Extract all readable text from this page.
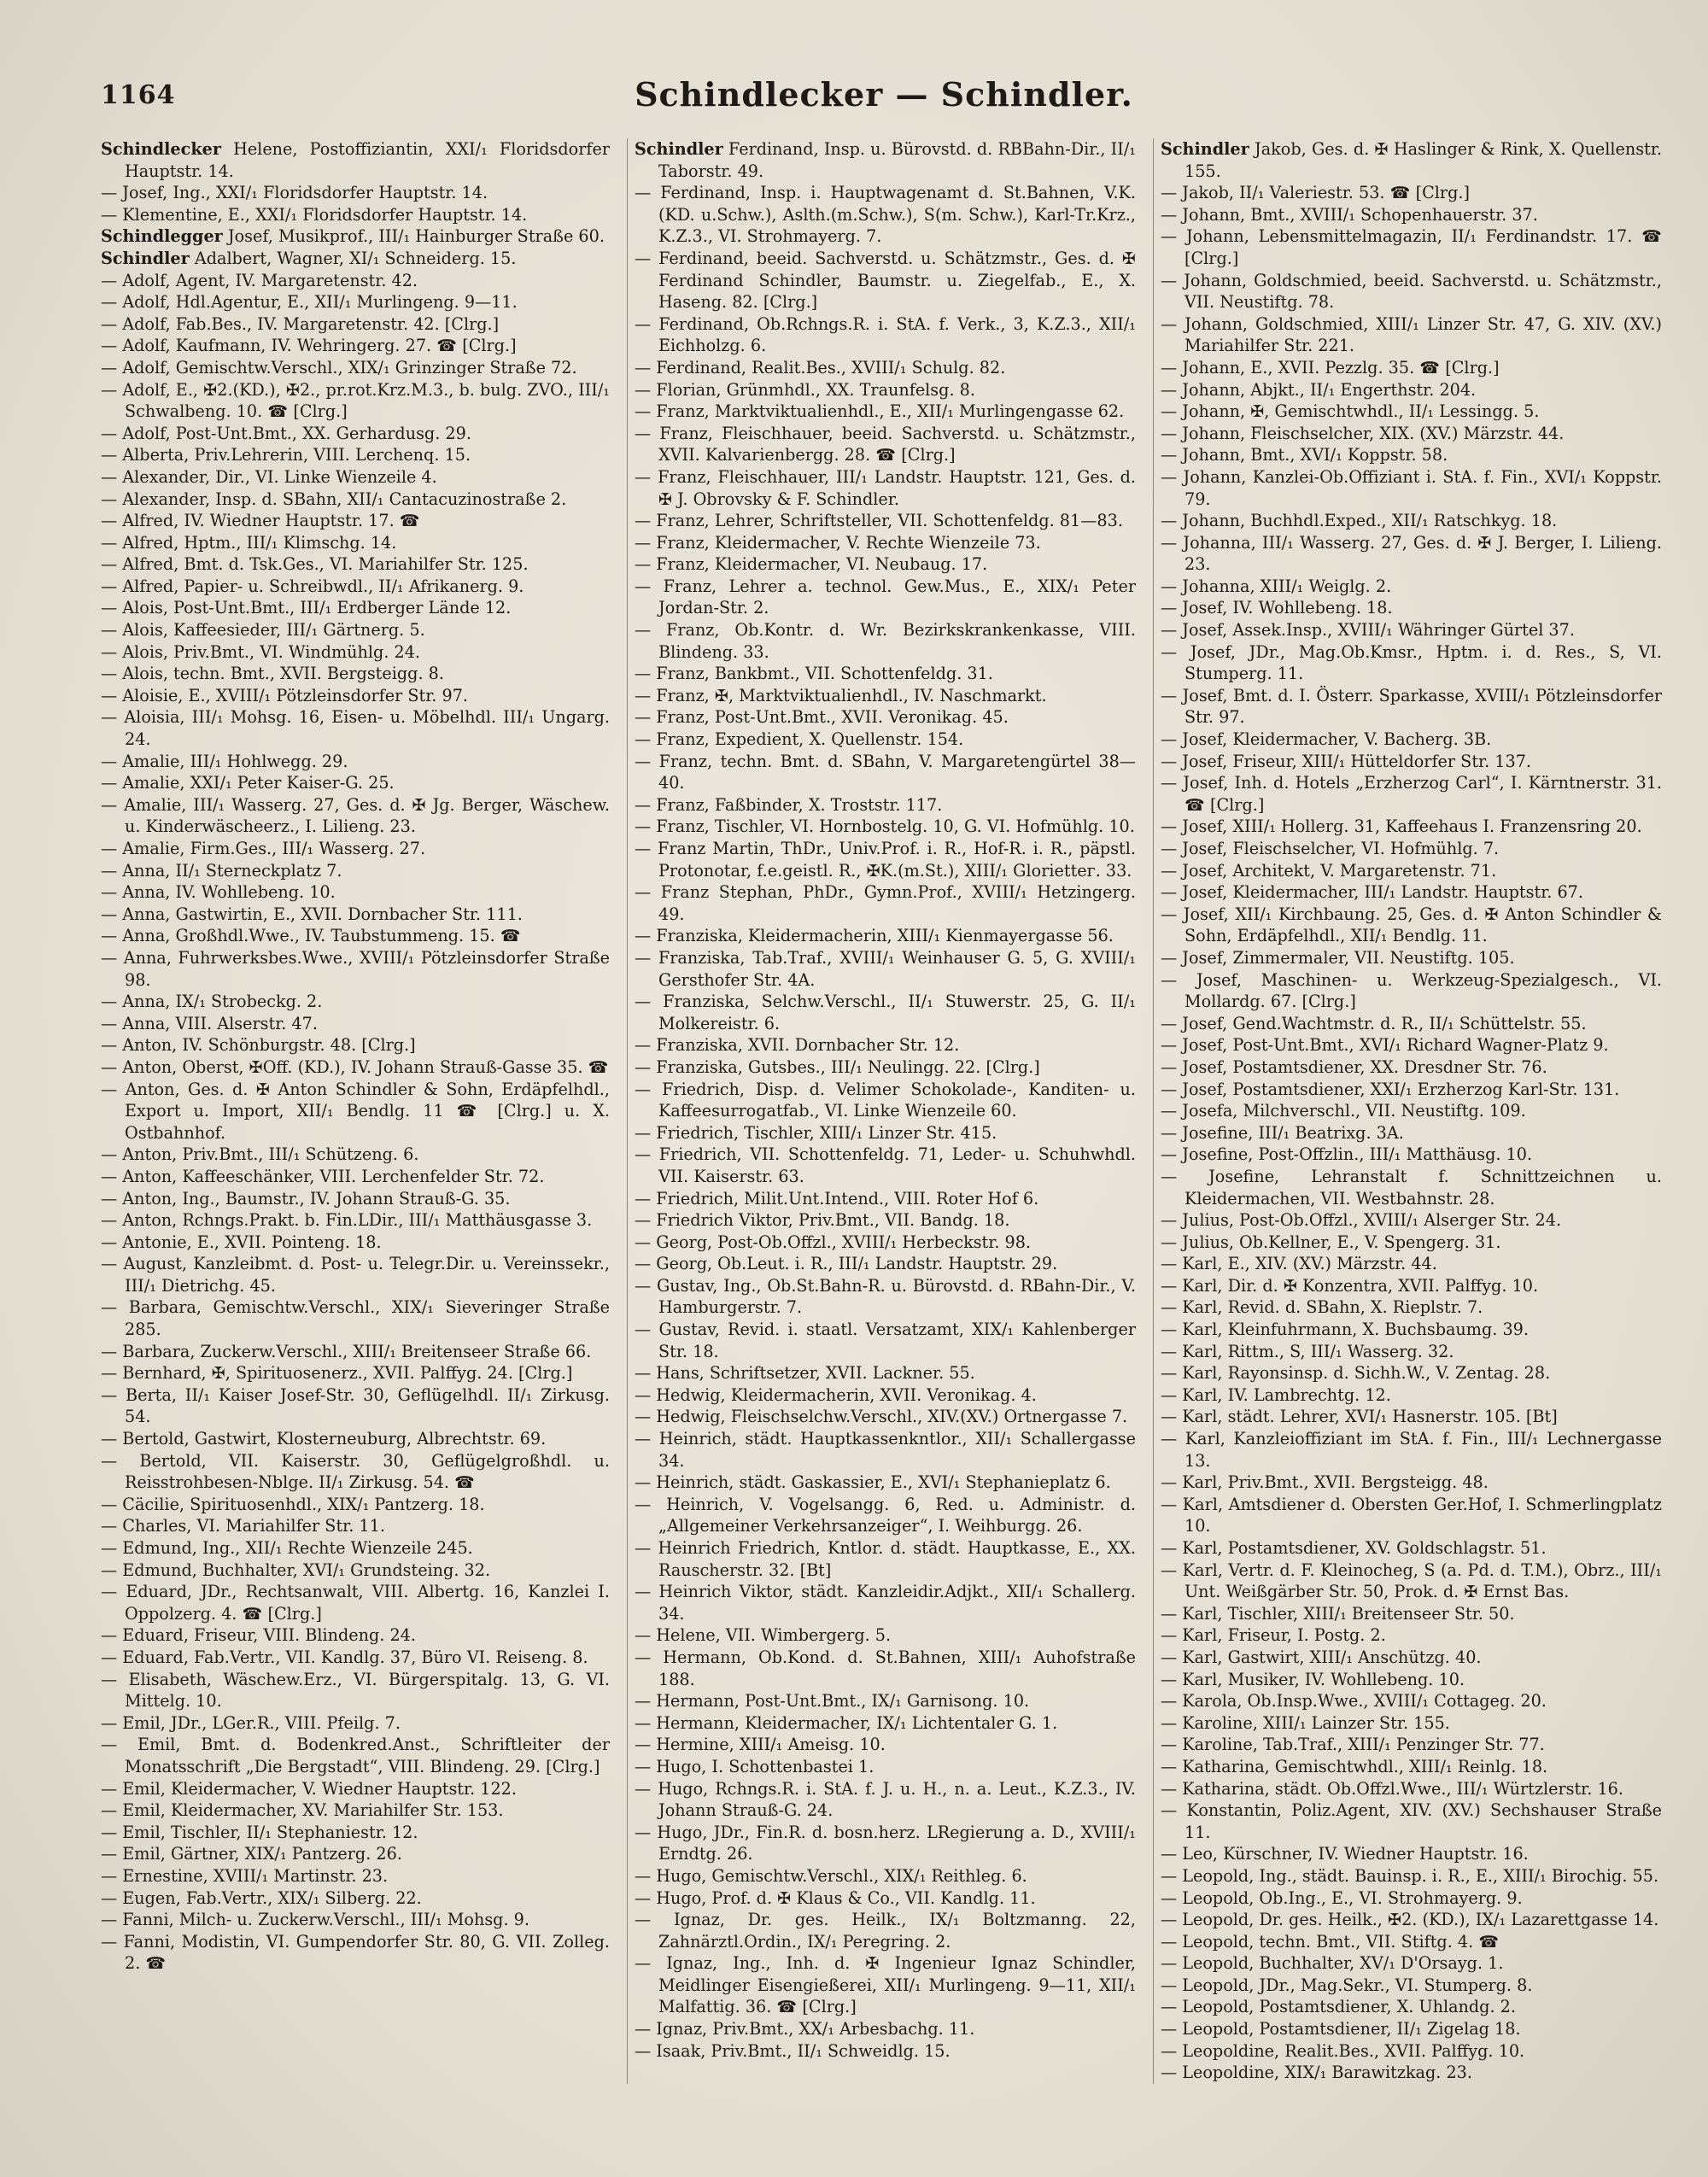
1164	Schindlecker — Schindler.

Schindlecker Helene, Postoffiziantin, XXI/₁ Floridsdorfer Hauptstr. 14.

— Josef, Ing., XXI/₁ Floridsdorfer Hauptstr. 14.

— Klementine, E., XXI/₁ Floridsdorfer Hauptstr. 14.

Schindlegger Josef, Musikprof., III/₁ Hainburger Straße 60.

Schindler Adalbert, Wagner, XI/₁ Schneiderg. 15.

— Adolf, Agent, IV. Margaretenstr. 42.

— Adolf, Hdl.Agentur, E., XII/₁ Murlingeng. 9—11.

— Adolf, Fab.Bes., IV. Margaretenstr. 42. [Clrg.]

— Adolf, Kaufmann, IV. Wehringerg. 27. ☎ [Clrg.]

— Adolf, Gemischtw.Verschl., XIX/₁ Grinzinger Straße 72.

— Adolf, E., ✠2.(KD.), ✠2., pr.rot.Krz.M.3., b. bulg. ZVO., III/₁ Schwalbeng. 10. ☎ [Clrg.]

— Adolf, Post-Unt.Bmt., XX. Gerhardusg. 29.

— Alberta, Priv.Lehrerin, VIII. Lerchenq. 15.

— Alexander, Dir., VI. Linke Wienzeile 4.

— Alexander, Insp. d. SBahn, XII/₁ Cantacuzinostraße 2.

— Alfred, IV. Wiedner Hauptstr. 17. ☎

— Alfred, Hptm., III/₁ Klimschg. 14.

— Alfred, Bmt. d. Tsk.Ges., VI. Mariahilfer Str. 125.

— Alfred, Papier- u. Schreibwdl., II/₁ Afrikanerg. 9.

— Alois, Post-Unt.Bmt., III/₁ Erdberger Lände 12.

— Alois, Kaffeesieder, III/₁ Gärtnerg. 5.

— Alois, Priv.Bmt., VI. Windmühlg. 24.

— Alois, techn. Bmt., XVII. Bergsteigg. 8.

— Aloisie, E., XVIII/₁ Pötzleinsdorfer Str. 97.

— Aloisia, III/₁ Mohsg. 16, Eisen- u. Möbelhdl. III/₁ Ungarg. 24.

— Amalie, III/₁ Hohlwegg. 29.

— Amalie, XXI/₁ Peter Kaiser-G. 25.

— Amalie, III/₁ Wasserg. 27, Ges. d. ✠ Jg. Berger, Wäschew. u. Kinderwäscheerz., I. Lilieng. 23.

— Amalie, Firm.Ges., III/₁ Wasserg. 27.

— Anna, II/₁ Sterneckplatz 7.

— Anna, IV. Wohllebeng. 10.

— Anna, Gastwirtin, E., XVII. Dornbacher Str. 111.

— Anna, Großhdl.Wwe., IV. Taubstummeng. 15. ☎

— Anna, Fuhrwerksbes.Wwe., XVIII/₁ Pötzleinsdorfer Straße 98.

— Anna, IX/₁ Strobeckg. 2.

— Anna, VIII. Alserstr. 47.

— Anton, IV. Schönburgstr. 48. [Clrg.]

— Anton, Oberst, ✠Off. (KD.), IV. Johann Strauß-Gasse 35. ☎

— Anton, Ges. d. ✠ Anton Schindler & Sohn, Erdäpfelhdl., Export u. Import, XII/₁ Bendlg. 11 ☎ [Clrg.] u. X. Ostbahnhof.

— Anton, Priv.Bmt., III/₁ Schützeng. 6.

— Anton, Kaffeeschänker, VIII. Lerchenfelder Str. 72.

— Anton, Ing., Baumstr., IV. Johann Strauß-G. 35.

— Anton, Rchngs.Prakt. b. Fin.LDir., III/₁ Matthäusgasse 3.

— Antonie, E., XVII. Pointeng. 18.

— August, Kanzleibmt. d. Post- u. Telegr.Dir. u. Vereinssekr., III/₁ Dietrichg. 45.

— Barbara, Gemischtw.Verschl., XIX/₁ Sieveringer Straße 285.

— Barbara, Zuckerw.Verschl., XIII/₁ Breitenseer Straße 66.

— Bernhard, ✠, Spirituosenerz., XVII. Palffyg. 24. [Clrg.]

— Berta, II/₁ Kaiser Josef-Str. 30, Geflügelhdl. II/₁ Zirkusg. 54.

— Bertold, Gastwirt, Klosterneuburg, Albrechtstr. 69.

— Bertold, VII. Kaiserstr. 30, Geflügelgroßhdl. u. Reisstrohbesen-Nblge. II/₁ Zirkusg. 54. ☎

— Cäcilie, Spirituosenhdl., XIX/₁ Pantzerg. 18.

— Charles, VI. Mariahilfer Str. 11.

— Edmund, Ing., XII/₁ Rechte Wienzeile 245.

— Edmund, Buchhalter, XVI/₁ Grundsteing. 32.

— Eduard, JDr., Rechtsanwalt, VIII. Albertg. 16, Kanzlei I. Oppolzerg. 4. ☎ [Clrg.]

— Eduard, Friseur, VIII. Blindeng. 24.

— Eduard, Fab.Vertr., VII. Kandlg. 37, Büro VI. Reiseng. 8.

— Elisabeth, Wäschew.Erz., VI. Bürgerspitalg. 13, G. VI. Mittelg. 10.

— Emil, JDr., LGer.R., VIII. Pfeilg. 7.

— Emil, Bmt. d. Bodenkred.Anst., Schriftleiter der Monatsschrift „Die Bergstadt“, VIII. Blindeng. 29. [Clrg.]

— Emil, Kleidermacher, V. Wiedner Hauptstr. 122.

— Emil, Kleidermacher, XV. Mariahilfer Str. 153.

— Emil, Tischler, II/₁ Stephaniestr. 12.

— Emil, Gärtner, XIX/₁ Pantzerg. 26.

— Ernestine, XVIII/₁ Martinstr. 23.

— Eugen, Fab.Vertr., XIX/₁ Silberg. 22.

— Fanni, Milch- u. Zuckerw.Verschl., III/₁ Mohsg. 9.

— Fanni, Modistin, VI. Gumpendorfer Str. 80, G. VII. Zolleg. 2. ☎

Schindler Ferdinand, Insp. u. Bürovstd. d. RBBahn-Dir., II/₁ Taborstr. 49.

— Ferdinand, Insp. i. Hauptwagenamt d. St.Bahnen, V.K.(KD. u.Schw.), Aslth.(m.Schw.), S(m. Schw.), Karl-Tr.Krz., K.Z.3., VI. Strohmayerg. 7.

— Ferdinand, beeid. Sachverstd. u. Schätzmstr., Ges. d. ✠ Ferdinand Schindler, Baumstr. u. Ziegelfab., E., X. Haseng. 82. [Clrg.]

— Ferdinand, Ob.Rchngs.R. i. StA. f. Verk., 3, K.Z.3., XII/₁ Eichholzg. 6.

— Ferdinand, Realit.Bes., XVIII/₁ Schulg. 82.

— Florian, Grünmhdl., XX. Traunfelsg. 8.

— Franz, Marktviktualienhdl., E., XII/₁ Murlingengasse 62.

— Franz, Fleischhauer, beeid. Sachverstd. u. Schätzmstr., XVII. Kalvarienbergg. 28. ☎ [Clrg.]

— Franz, Fleischhauer, III/₁ Landstr. Hauptstr. 121, Ges. d. ✠ J. Obrovsky & F. Schindler.

— Franz, Lehrer, Schriftsteller, VII. Schottenfeldg. 81—83.

— Franz, Kleidermacher, V. Rechte Wienzeile 73.

— Franz, Kleidermacher, VI. Neubaug. 17.

— Franz, Lehrer a. technol. Gew.Mus., E., XIX/₁ Peter Jordan-Str. 2.

— Franz, Ob.Kontr. d. Wr. Bezirkskrankenkasse, VIII. Blindeng. 33.

— Franz, Bankbmt., VII. Schottenfeldg. 31.

— Franz, ✠, Marktviktualienhdl., IV. Naschmarkt.

— Franz, Post-Unt.Bmt., XVII. Veronikag. 45.

— Franz, Expedient, X. Quellenstr. 154.

— Franz, techn. Bmt. d. SBahn, V. Margaretengürtel 38—40.

— Franz, Faßbinder, X. Troststr. 117.

— Franz, Tischler, VI. Hornbostelg. 10, G. VI. Hofmühlg. 10.

— Franz Martin, ThDr., Univ.Prof. i. R., Hof-R. i. R., päpstl. Protonotar, f.e.geistl. R., ✠K.(m.St.), XIII/₁ Gloriettег. 33.

— Franz Stephan, PhDr., Gymn.Prof., XVIII/₁ Hetzingerg. 49.

— Franziska, Kleidermacherin, XIII/₁ Kienmayergasse 56.

— Franziska, Tab.Traf., XVIII/₁ Weinhauser G. 5, G. XVIII/₁ Gersthofer Str. 4A.

— Franziska, Selchw.Verschl., II/₁ Stuwerstr. 25, G. II/₁ Molkereistr. 6.

— Franziska, XVII. Dornbacher Str. 12.

— Franziska, Gutsbes., III/₁ Neulingg. 22. [Clrg.]

— Friedrich, Disp. d. Velimer Schokolade-, Kanditen- u. Kaffeesurrogatfab., VI. Linke Wienzeile 60.

— Friedrich, Tischler, XIII/₁ Linzer Str. 415.

— Friedrich, VII. Schottenfeldg. 71, Leder- u. Schuhwhdl. VII. Kaiserstr. 63.

— Friedrich, Milit.Unt.Intend., VIII. Roter Hof 6.

— Friedrich Viktor, Priv.Bmt., VII. Bandg. 18.

— Georg, Post-Ob.Offzl., XVIII/₁ Herbeckstr. 98.

— Georg, Ob.Leut. i. R., III/₁ Landstr. Hauptstr. 29.

— Gustav, Ing., Ob.St.Bahn-R. u. Bürovstd. d. RBahn-Dir., V. Hamburgerstr. 7.

— Gustav, Revid. i. staatl. Versatzamt, XIX/₁ Kahlenberger Str. 18.

— Hans, Schriftsetzer, XVII. Lackner. 55.

— Hedwig, Kleidermacherin, XVII. Veronikag. 4.

— Hedwig, Fleischselchw.Verschl., XIV.(XV.) Ortnergasse 7.

— Heinrich, städt. Hauptkassenkntlor., XII/₁ Schallergasse 34.

— Heinrich, städt. Gaskassier, E., XVI/₁ Stephanieplatz 6.

— Heinrich, V. Vogelsangg. 6, Red. u. Administr. d. „Allgemeiner Verkehrsanzeiger“, I. Weihburgg. 26.

— Heinrich Friedrich, Kntlor. d. städt. Hauptkasse, E., XX. Rauscherstr. 32. [Bt]

— Heinrich Viktor, städt. Kanzleidir.Adjkt., XII/₁ Schallerg. 34.

— Helene, VII. Wimbergerg. 5.

— Hermann, Ob.Kond. d. St.Bahnen, XIII/₁ Auhofstraße 188.

— Hermann, Post-Unt.Bmt., IX/₁ Garnisong. 10.

— Hermann, Kleidermacher, IX/₁ Lichtentaler G. 1.

— Hermine, XIII/₁ Ameisg. 10.

— Hugo, I. Schottenbastei 1.

— Hugo, Rchngs.R. i. StA. f. J. u. H., n. a. Leut., K.Z.3., IV. Johann Strauß-G. 24.

— Hugo, JDr., Fin.R. d. bosn.herz. LRegierung a. D., XVIII/₁ Erndtg. 26.

— Hugo, Gemischtw.Verschl., XIX/₁ Reithleg. 6.

— Hugo, Prof. d. ✠ Klaus & Co., VII. Kandlg. 11.

— Ignaz, Dr. ges. Heilk., IX/₁ Boltzmanng. 22, Zahnärztl.Ordin., IX/₁ Peregring. 2.

— Ignaz, Ing., Inh. d. ✠ Ingenieur Ignaz Schindler, Meidlinger Eisengießerei, XII/₁ Murlingeng. 9—11, XII/₁ Malfattig. 36. ☎ [Clrg.]

— Ignaz, Priv.Bmt., XX/₁ Arbesbachg. 11.

— Isaak, Priv.Bmt., II/₁ Schweidlg. 15.

Schindler Jakob, Ges. d. ✠ Haslinger & Rink, X. Quellenstr. 155.

— Jakob, II/₁ Valeriestr. 53. ☎ [Clrg.]

— Johann, Bmt., XVIII/₁ Schopenhauerstr. 37.

— Johann, Lebensmittelmagazin, II/₁ Ferdinandstr. 17. ☎ [Clrg.]

— Johann, Goldschmied, beeid. Sachverstd. u. Schätzmstr., VII. Neustiftg. 78.

— Johann, Goldschmied, XIII/₁ Linzer Str. 47, G. XIV. (XV.) Mariahilfer Str. 221.

— Johann, E., XVII. Pezzlg. 35. ☎ [Clrg.]

— Johann, Abjkt., II/₁ Engerthstr. 204.

— Johann, ✠, Gemischtwhdl., II/₁ Lessingg. 5.

— Johann, Fleischselcher, XIX. (XV.) Märzstr. 44.

— Johann, Bmt., XVI/₁ Koppstr. 58.

— Johann, Kanzlei-Ob.Offiziant i. StA. f. Fin., XVI/₁ Koppstr. 79.

— Johann, Buchhdl.Exped., XII/₁ Ratschkyg. 18.

— Johanna, III/₁ Wasserg. 27, Ges. d. ✠ J. Berger, I. Lilieng. 23.

— Johanna, XIII/₁ Weiglg. 2.

— Josef, IV. Wohllebeng. 18.

— Josef, Assek.Insp., XVIII/₁ Währinger Gürtel 37.

— Josef, JDr., Mag.Ob.Kmsr., Hptm. i. d. Res., S, VI. Stumperg. 11.

— Josef, Bmt. d. I. Österr. Sparkasse, XVIII/₁ Pötzleinsdorfer Str. 97.

— Josef, Kleidermacher, V. Bacherg. 3B.

— Josef, Friseur, XIII/₁ Hütteldorfer Str. 137.

— Josef, Inh. d. Hotels „Erzherzog Carl“, I. Kärntnerstr. 31. ☎ [Clrg.]

— Josef, XIII/₁ Hollerg. 31, Kaffeehaus I. Franzensring 20.

— Josef, Fleischselcher, VI. Hofmühlg. 7.

— Josef, Architekt, V. Margaretenstr. 71.

— Josef, Kleidermacher, III/₁ Landstr. Hauptstr. 67.

— Josef, XII/₁ Kirchbaung. 25, Ges. d. ✠ Anton Schindler & Sohn, Erdäpfelhdl., XII/₁ Bendlg. 11.

— Josef, Zimmermaler, VII. Neustiftg. 105.

— Josef, Maschinen- u. Werkzeug-Spezialgesch., VI. Mollardg. 67. [Clrg.]

— Josef, Gend.Wachtmstr. d. R., II/₁ Schüttelstr. 55.

— Josef, Post-Unt.Bmt., XVI/₁ Richard Wagner-Platz 9.

— Josef, Postamtsdiener, XX. Dresdner Str. 76.

— Josef, Postamtsdiener, XXI/₁ Erzherzog Karl-Str. 131.

— Josefa, Milchverschl., VII. Neustiftg. 109.

— Josefine, III/₁ Beatrixg. 3A.

— Josefine, Post-Offzlin., III/₁ Matthäusg. 10.

— Josefine, Lehranstalt f. Schnittzeichnen u. Kleidermachen, VII. Westbahnstr. 28.

— Julius, Post-Ob.Offzl., XVIII/₁ Alseгger Str. 24.

— Julius, Ob.Kellner, E., V. Spengerg. 31.

— Karl, E., XIV. (XV.) Märzstr. 44.

— Karl, Dir. d. ✠ Konzentra, XVII. Palffyg. 10.

— Karl, Revid. d. SBahn, X. Rieplstr. 7.

— Karl, Kleinfuhrmann, X. Buchsbaumg. 39.

— Karl, Rittm., S, III/₁ Wasserg. 32.

— Karl, Rayonsinsp. d. Sichh.W., V. Zentag. 28.

— Karl, IV. Lambrechtg. 12.

— Karl, städt. Lehrer, XVI/₁ Hasnerstr. 105. [Bt]

— Karl, Kanzleioffiziant im StA. f. Fin., III/₁ Lechnergasse 13.

— Karl, Priv.Bmt., XVII. Bergsteigg. 48.

— Karl, Amtsdiener d. Obersten Ger.Hof, I. Schmerlingplatz 10.

— Karl, Postamtsdiener, XV. Goldschlagstr. 51.

— Karl, Vertr. d. F. Kleinocheg, S (a. Pd. d. T.M.), Obrz., III/₁ Unt. Weißgärber Str. 50, Prok. d. ✠ Ernst Bas.

— Karl, Tischler, XIII/₁ Breitenseer Str. 50.

— Karl, Friseur, I. Postg. 2.

— Karl, Gastwirt, XIII/₁ Anschützg. 40.

— Karl, Musiker, IV. Wohllebeng. 10.

— Karola, Ob.Insp.Wwe., XVIII/₁ Cottageg. 20.

— Karoline, XIII/₁ Lainzer Str. 155.

— Karoline, Tab.Traf., XIII/₁ Penzinger Str. 77.

— Katharina, Gemischtwhdl., XIII/₁ Reinlg. 18.

— Katharina, städt. Ob.Offzl.Wwe., III/₁ Würtzlerstr. 16.

— Konstantin, Poliz.Agent, XIV. (XV.) Sechshauser Straße 11.

— Leo, Kürschner, IV. Wiedner Hauptstr. 16.

— Leopold, Ing., städt. Bauinsp. i. R., E., XIII/₁ Birochig. 55.

— Leopold, Ob.Ing., E., VI. Strohmayerg. 9.

— Leopold, Dr. ges. Heilk., ✠2. (KD.), IX/₁ Lazarettgasse 14.

— Leopold, techn. Bmt., VII. Stiftg. 4. ☎

— Leopold, Buchhalter, XV/₁ D'Orsayg. 1.

— Leopold, JDr., Mag.Sekr., VI. Stumperg. 8.

— Leopold, Postamtsdiener, X. Uhlandg. 2.

— Leopold, Postamtsdiener, II/₁ Zigelag 18.

— Leopoldine, Realit.Bes., XVII. Palffyg. 10.

— Leopoldine, XIX/₁ Barawitzkag. 23.
